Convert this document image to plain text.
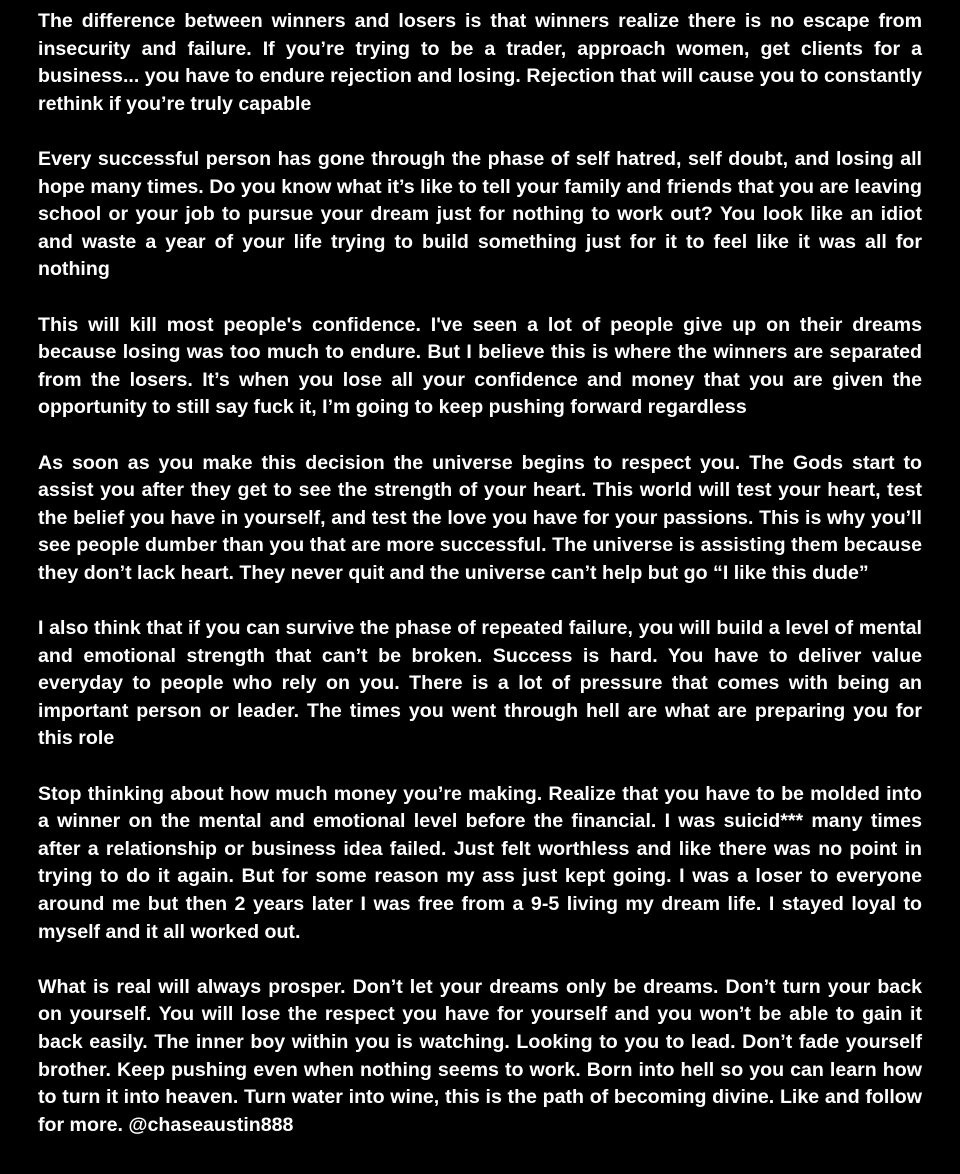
The difference between winners and losers is that winners realize there is no escape from insecurity and failure. If you’re trying to be a trader, approach women, get clients for a business... you have to endure rejection and losing. Rejection that will cause you to constantly rethink if you’re truly capable

Every successful person has gone through the phase of self hatred, self doubt, and losing all hope many times. Do you know what it’s like to tell your family and friends that you are leaving school or your job to pursue your dream just for nothing to work out? You look like an idiot and waste a year of your life trying to build something just for it to feel like it was all for nothing

This will kill most people's confidence. I've seen a lot of people give up on their dreams because losing was too much to endure. But I believe this is where the winners are separated from the losers. It’s when you lose all your confidence and money that you are given the opportunity to still say fuck it, I’m going to keep pushing forward regardless

As soon as you make this decision the universe begins to respect you. The Gods start to assist you after they get to see the strength of your heart. This world will test your heart, test the belief you have in yourself, and test the love you have for your passions. This is why you’ll see people dumber than you that are more successful. The universe is assisting them because they don’t lack heart. They never quit and the universe can’t help but go “I like this dude”

I also think that if you can survive the phase of repeated failure, you will build a level of mental and emotional strength that can’t be broken. Success is hard. You have to deliver value everyday to people who rely on you. There is a lot of pressure that comes with being an important person or leader. The times you went through hell are what are preparing you for this role

Stop thinking about how much money you’re making. Realize that you have to be molded into a winner on the mental and emotional level before the financial. I was suicid*** many times after a relationship or business idea failed. Just felt worthless and like there was no point in trying to do it again. But for some reason my ass just kept going. I was a loser to everyone around me but then 2 years later I was free from a 9-5 living my dream life. I stayed loyal to myself and it all worked out.

What is real will always prosper. Don’t let your dreams only be dreams. Don’t turn your back on yourself. You will lose the respect you have for yourself and you won’t be able to gain it back easily. The inner boy within you is watching. Looking to you to lead. Don’t fade yourself brother. Keep pushing even when nothing seems to work. Born into hell so you can learn how to turn it into heaven. Turn water into wine, this is the path of becoming divine. Like and follow for more. @chaseaustin888
